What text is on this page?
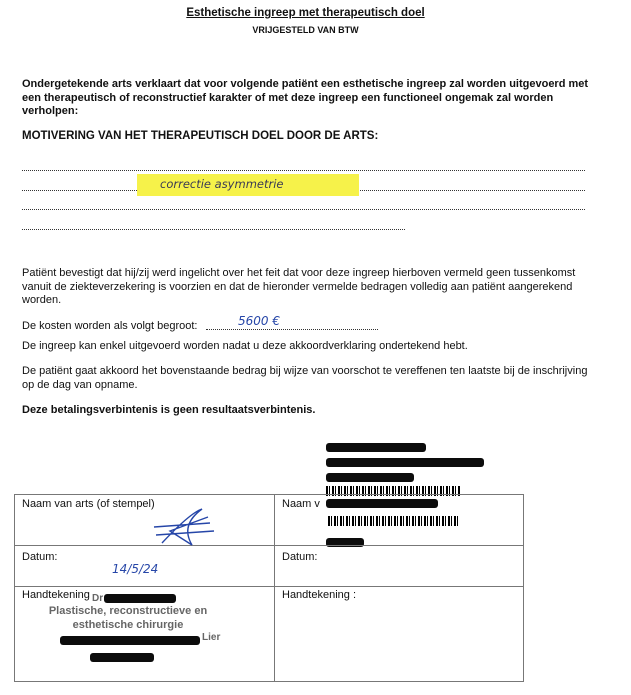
Esthetische ingreep met therapeutisch doel
VRIJGESTELD VAN BTW
Ondergetekende arts verklaart dat voor volgende patiënt een esthetische ingreep zal worden uitgevoerd met een therapeutisch of reconstructief karakter of met deze ingreep een functioneel ongemak zal worden verholpen:
MOTIVERING VAN HET THERAPEUTISCH DOEL DOOR DE ARTS:
correctie asymmetrie
Patiënt bevestigt dat hij/zij werd ingelicht over het feit dat voor deze ingreep hierboven vermeld geen tussenkomst vanuit de ziekteverzekering is voorzien en dat de hieronder vermelde bedragen volledig aan patiënt aangerekend worden.
De kosten worden als volgt begroot:	5600 €
De ingreep kan enkel uitgevoerd worden nadat u deze akkoordverklaring ondertekend hebt.
De patiënt gaat akkoord het bovenstaande bedrag bij wijze van voorschot te vereffenen ten laatste bij de inschrijving op de dag van opname.
Deze betalingsverbintenis is geen resultaatsverbintenis.
Naam van arts (of stempel)	Naam v
Datum:
14/5/24
Datum:
Handtekening Dr
Plastische, reconstructieve en
esthetische chirurgie
Lier
Handtekening :
